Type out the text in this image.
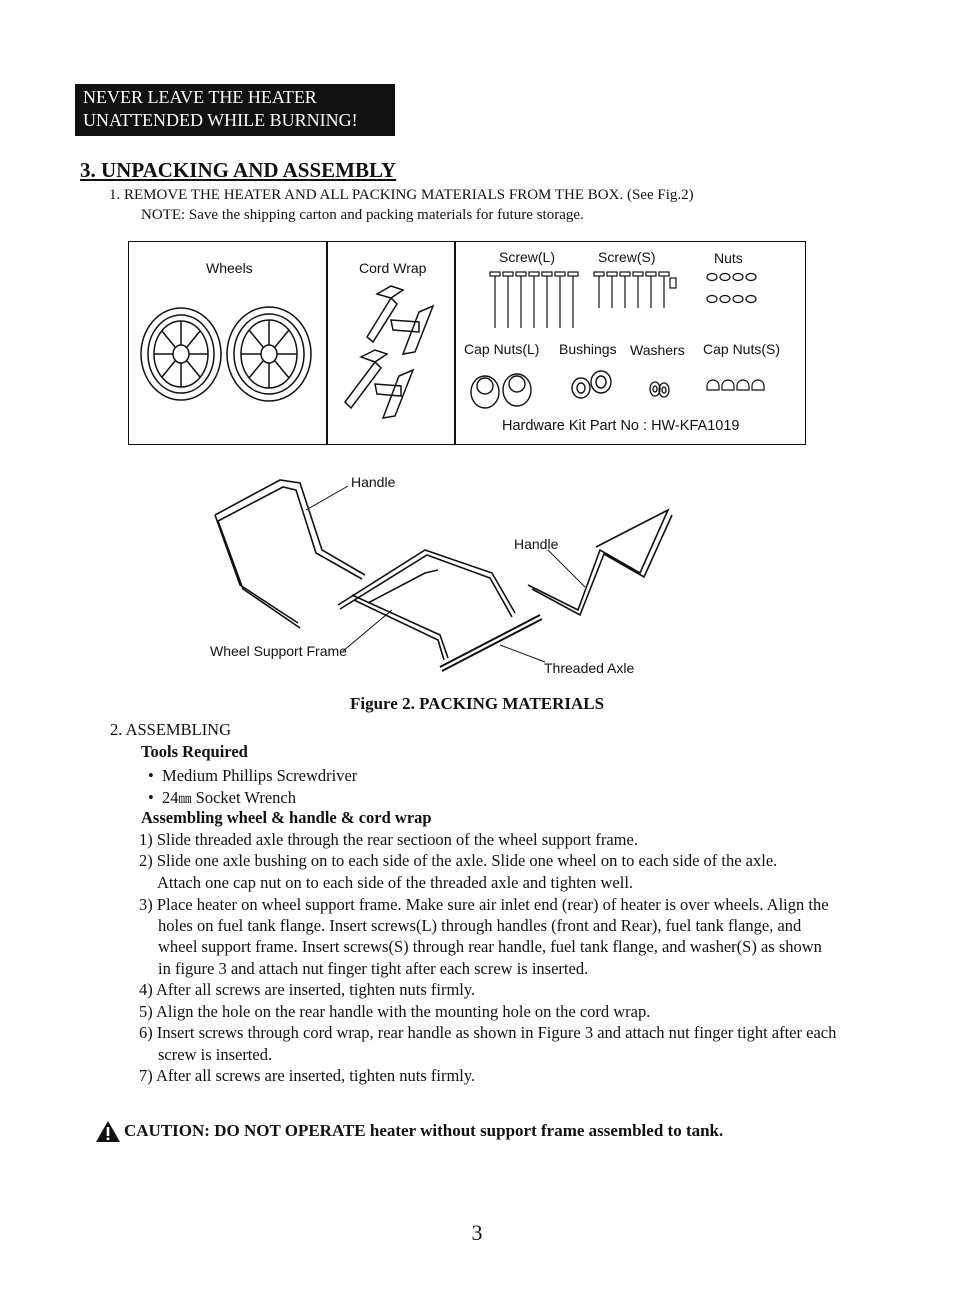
NEVER LEAVE THE HEATER
UNATTENDED WHILE BURNING!
3. UNPACKING AND ASSEMBLY
1. REMOVE THE HEATER AND ALL PACKING MATERIALS FROM THE BOX. (See Fig.2)
NOTE: Save the shipping carton and packing materials for future storage.
Wheels	Cord Wrap
Screw(L)	Screw(S)	Nuts
Cap Nuts(L) Bushings Washers Cap Nuts(S)
Hardware Kit Part No : HW-KFA1019
Handle
Handle
Wheel Support Frame
Threaded Axle
Figure 2. PACKING MATERIALS
2. ASSEMBLING
Tools Required
•  Medium Phillips Screwdriver
•  24㎜ Socket Wrench
Assembling wheel & handle & cord wrap
1) Slide threaded axle through the rear sectioon of the wheel support frame.
2) Slide one axle bushing on to each side of the axle. Slide one wheel on to each side of the axle.
Attach one cap nut on to each side of the threaded axle and tighten well.
3) Place heater on wheel support frame. Make sure air inlet end (rear) of heater is over wheels. Align the
holes on fuel tank flange. Insert screws(L) through handles (front and Rear), fuel tank flange, and
wheel support frame. Insert screws(S) through rear handle, fuel tank flange, and washer(S) as shown
in figure 3 and attach nut finger tight after each screw is inserted.
4) After all screws are inserted, tighten nuts firmly.
5) Align the hole on the rear handle with the mounting hole on the cord wrap.
6) Insert screws through cord wrap, rear handle as shown in Figure 3 and attach nut finger tight after each
screw is inserted.
7) After all screws are inserted, tighten nuts firmly.
CAUTION: DO NOT OPERATE heater without support frame assembled to tank.
3
